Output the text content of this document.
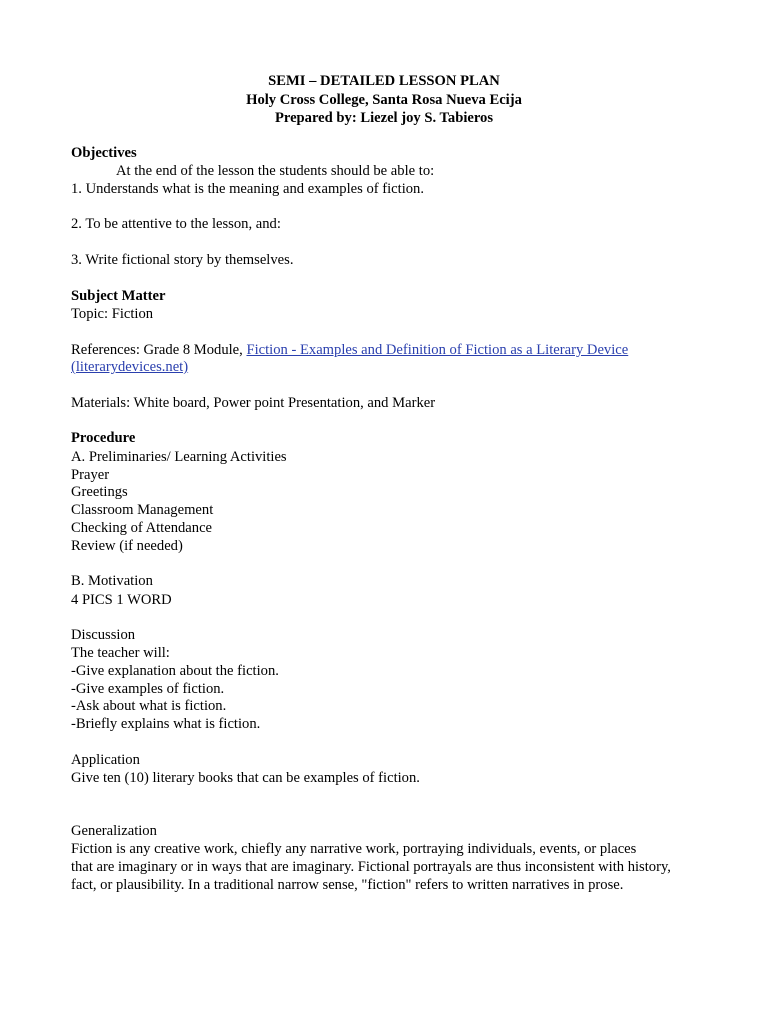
SEMI – DETAILED LESSON PLAN
Holy Cross College, Santa Rosa Nueva Ecija
Prepared by: Liezel joy S. Tabieros
Objectives
At the end of the lesson the students should be able to:
1. Understands what is the meaning and examples of fiction.
2. To be attentive to the lesson, and:
3. Write fictional story by themselves.
Subject Matter
Topic: Fiction
References: Grade 8 Module, Fiction - Examples and Definition of Fiction as a Literary Device
(literarydevices.net)
Materials: White board, Power point Presentation, and Marker
Procedure
A. Preliminaries/ Learning Activities
Prayer
Greetings
Classroom Management
Checking of Attendance
Review (if needed)
B. Motivation
4 PICS 1 WORD
Discussion
The teacher will:
-Give explanation about the fiction.
-Give examples of fiction.
-Ask about what is fiction.
-Briefly explains what is fiction.
Application
Give ten (10) literary books that can be examples of fiction.
Generalization
Fiction is any creative work, chiefly any narrative work, portraying individuals, events, or places
that are imaginary or in ways that are imaginary. Fictional portrayals are thus inconsistent with history,
fact, or plausibility. In a traditional narrow sense, "fiction" refers to written narratives in prose.
